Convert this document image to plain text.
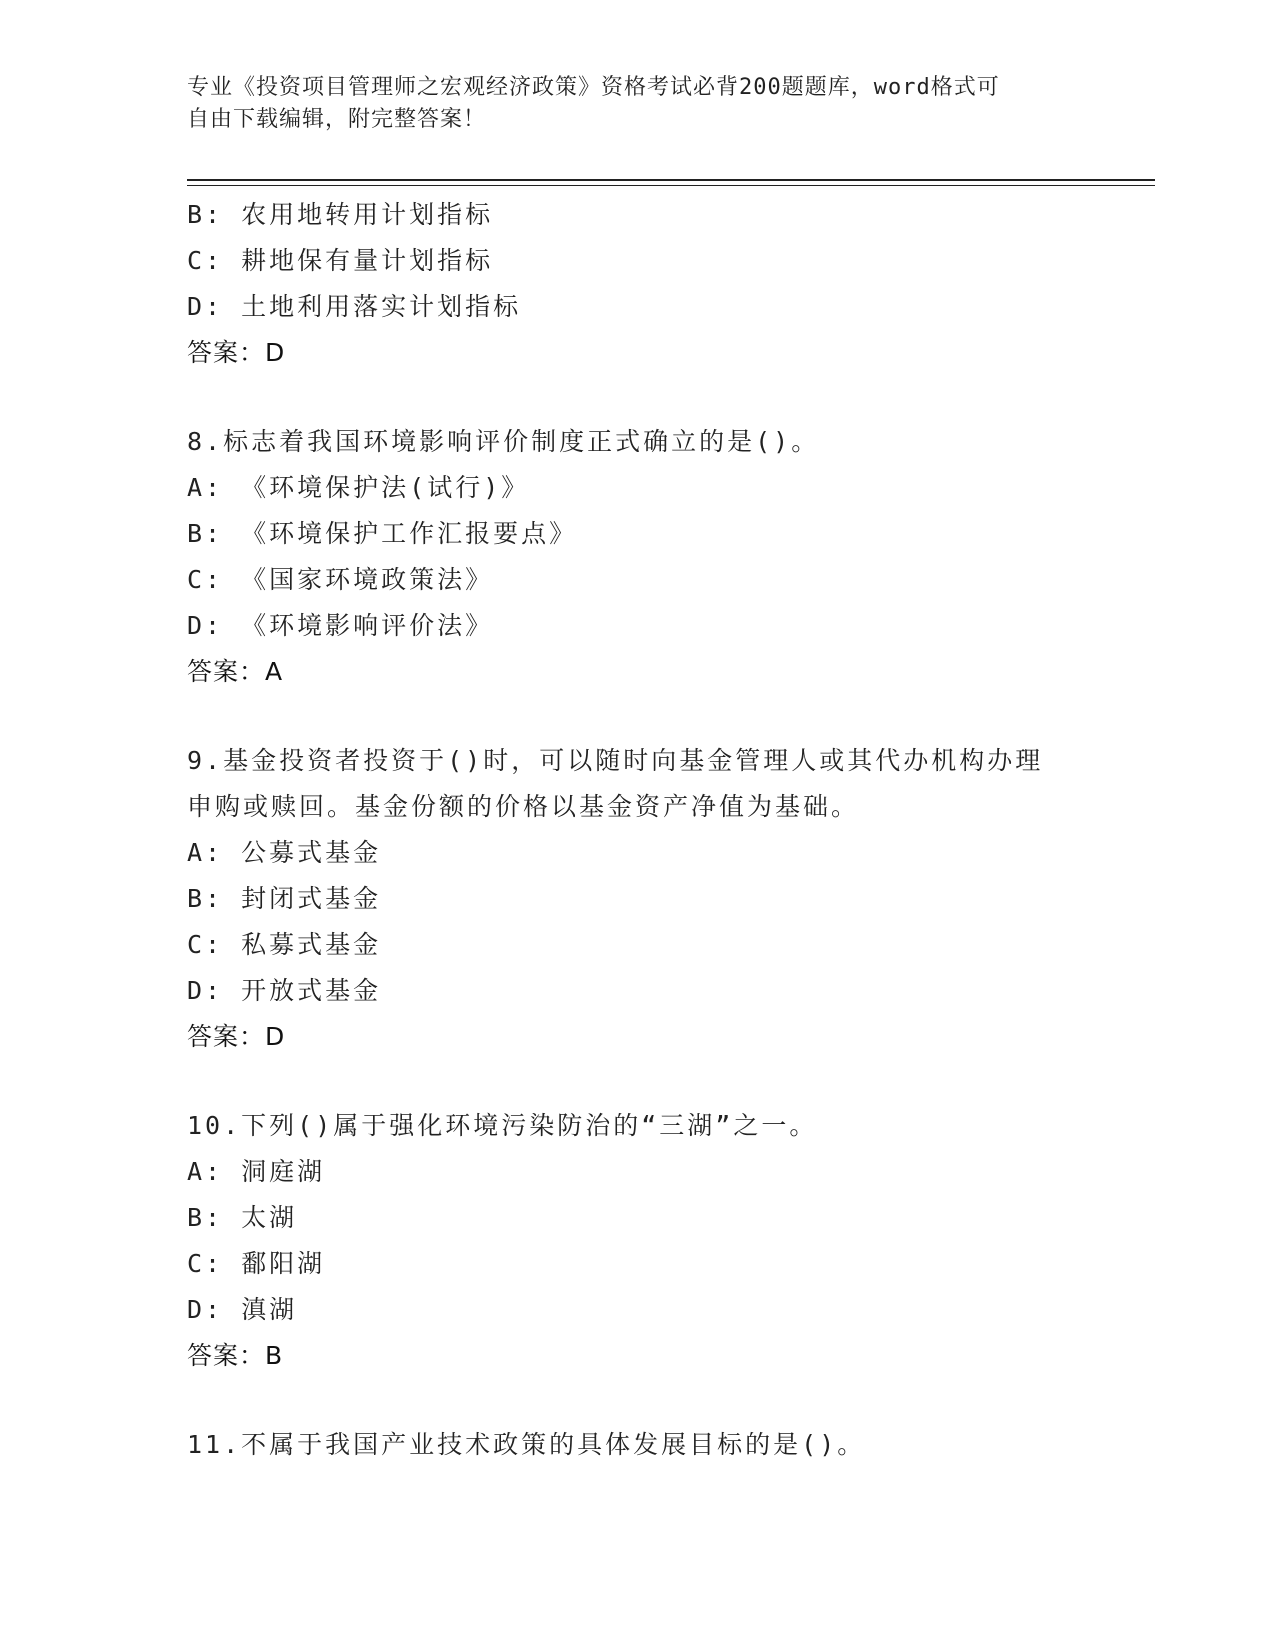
专业《投资项目管理师之宏观经济政策》资格考试必背200题题库，word格式可
自由下载编辑，附完整答案！
B: 农用地转用计划指标
C: 耕地保有量计划指标
D: 土地利用落实计划指标
答案：D
8.标志着我国环境影响评价制度正式确立的是()。
A: 《环境保护法(试行)》
B: 《环境保护工作汇报要点》
C: 《国家环境政策法》
D: 《环境影响评价法》
答案：A
9.基金投资者投资于()时，可以随时向基金管理人或其代办机构办理
申购或赎回。基金份额的价格以基金资产净值为基础。
A: 公募式基金
B: 封闭式基金
C: 私募式基金
D: 开放式基金
答案：D
10.下列()属于强化环境污染防治的“三湖”之一。
A: 洞庭湖
B: 太湖
C: 鄱阳湖
D: 滇湖
答案：B
11.不属于我国产业技术政策的具体发展目标的是()。
